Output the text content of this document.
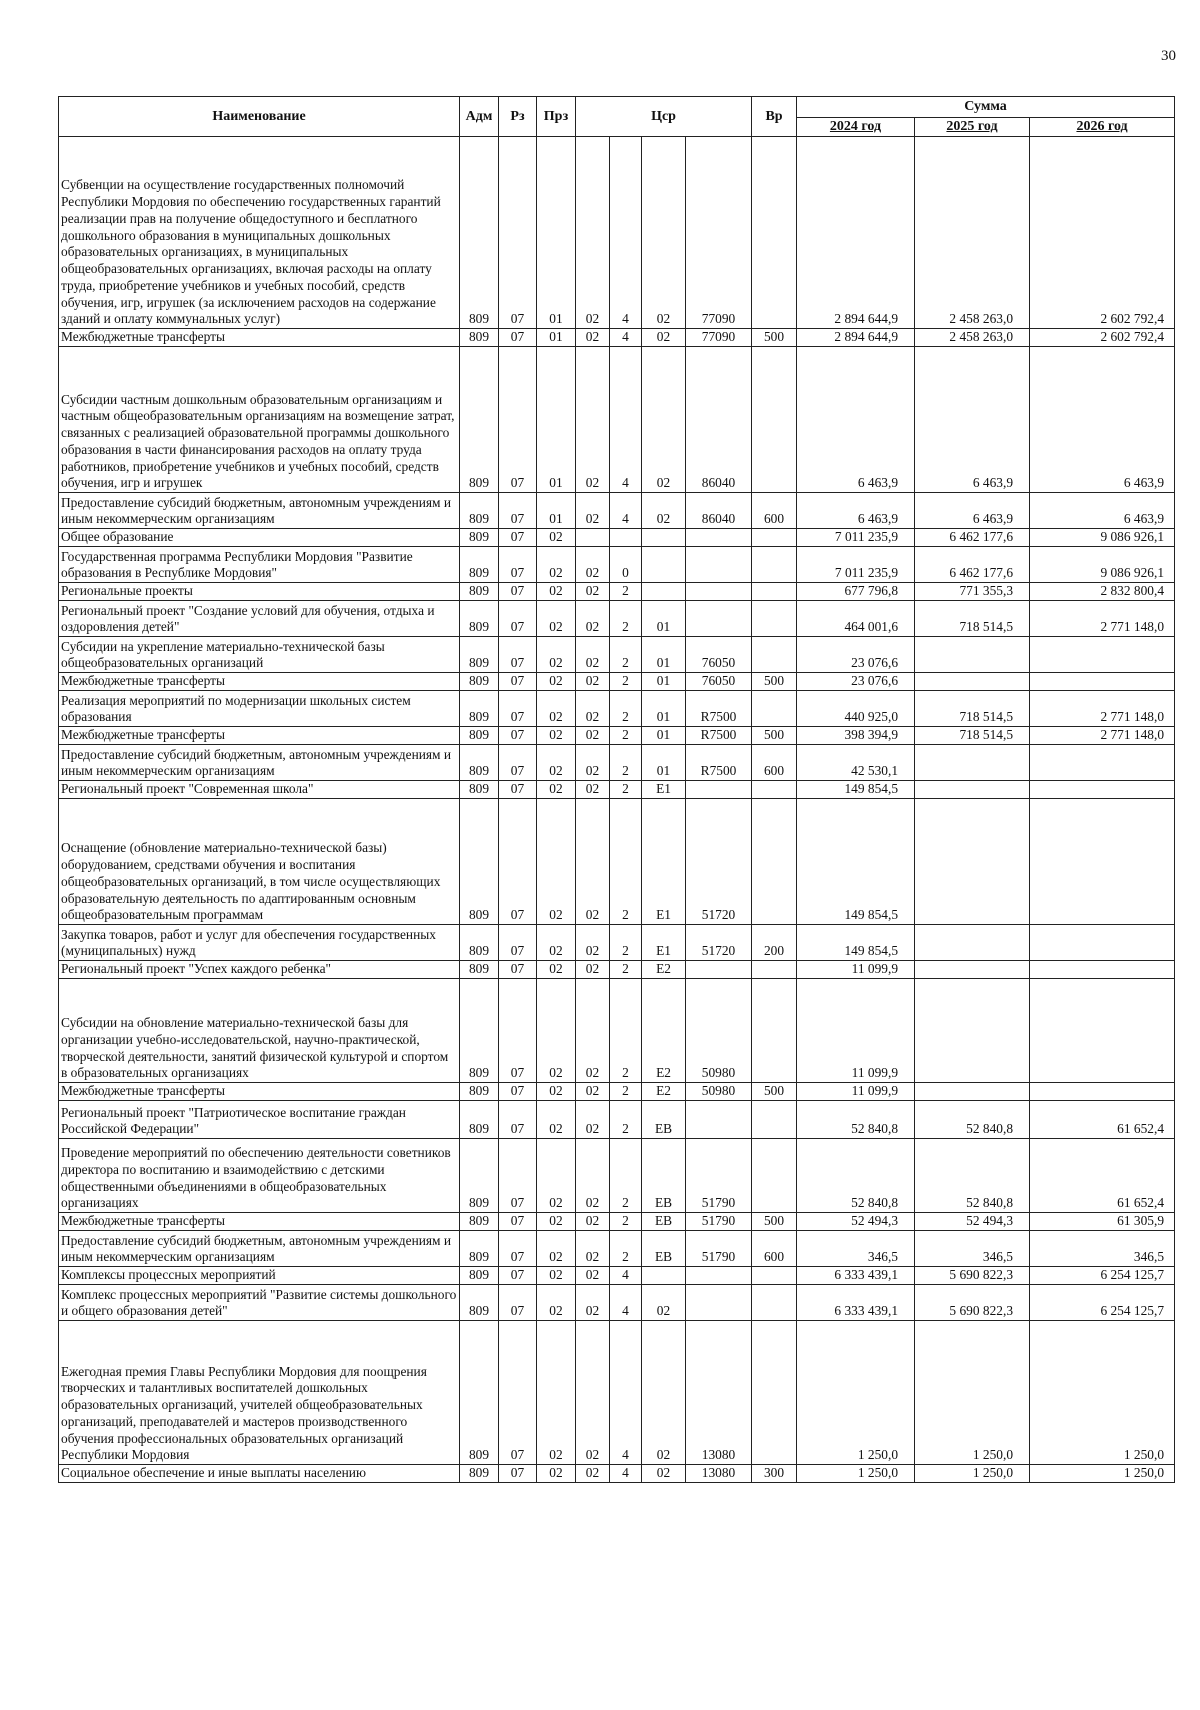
30
Наименование	Адм	Рз	Прз	Цср				Вр	Сумма		
									2024 год	2025 год	2026 год
Субвенции на осуществление государственных полномочий Республики Мордовия по обеспечению государственных гарантий реализации прав на получение общедоступного и бесплатного дошкольного образования в муниципальных дошкольных образовательных организациях, в муниципальных общеобразовательных организациях, включая расходы на оплату труда, приобретение учебников и учебных пособий, средств обучения, игр, игрушек (за исключением расходов на содержание зданий и оплату коммунальных услуг)	809	07	01	02	4	02	77090		2 894 644,9	2 458 263,0	2 602 792,4
Межбюджетные трансферты	809	07	01	02	4	02	77090	500	2 894 644,9	2 458 263,0	2 602 792,4
Субсидии частным дошкольным образовательным организациям и частным общеобразовательным организациям на возмещение затрат, связанных с реализацией образовательной программы дошкольного образования в части финансирования расходов на оплату труда работников, приобретение учебников и учебных пособий, средств обучения, игр и игрушек	809	07	01	02	4	02	86040		6 463,9	6 463,9	6 463,9
Предоставление субсидий бюджетным, автономным учреждениям и иным некоммерческим организациям	809	07	01	02	4	02	86040	600	6 463,9	6 463,9	6 463,9
Общее образование	809	07	02						7 011 235,9	6 462 177,6	9 086 926,1
Государственная программа Республики Мордовия "Развитие образования в Республике Мордовия"	809	07	02	02	0				7 011 235,9	6 462 177,6	9 086 926,1
Региональные проекты	809	07	02	02	2				677 796,8	771 355,3	2 832 800,4
Региональный проект "Создание условий для обучения, отдыха и оздоровления детей"	809	07	02	02	2	01			464 001,6	718 514,5	2 771 148,0
Субсидии на укрепление материально-технической базы общеобразовательных организаций	809	07	02	02	2	01	76050		23 076,6		
Межбюджетные трансферты	809	07	02	02	2	01	76050	500	23 076,6		
Реализация мероприятий по модернизации школьных систем образования	809	07	02	02	2	01	R7500		440 925,0	718 514,5	2 771 148,0
Межбюджетные трансферты	809	07	02	02	2	01	R7500	500	398 394,9	718 514,5	2 771 148,0
Предоставление субсидий бюджетным, автономным учреждениям и иным некоммерческим организациям	809	07	02	02	2	01	R7500	600	42 530,1		
Региональный проект "Современная школа"	809	07	02	02	2	E1			149 854,5		
Оснащение (обновление материально-технической базы) оборудованием, средствами обучения и воспитания общеобразовательных организаций, в том числе осуществляющих образовательную деятельность по адаптированным основным общеобразовательным программам	809	07	02	02	2	E1	51720		149 854,5		
Закупка товаров, работ и услуг для обеспечения государственных (муниципальных) нужд	809	07	02	02	2	E1	51720	200	149 854,5		
Региональный проект "Успех каждого ребенка"	809	07	02	02	2	E2			11 099,9		
Субсидии на обновление материально-технической базы для организации учебно-исследовательской, научно-практической, творческой деятельности, занятий физической культурой и спортом в образовательных организациях	809	07	02	02	2	E2	50980		11 099,9		
Межбюджетные трансферты	809	07	02	02	2	E2	50980	500	11 099,9		
Региональный проект "Патриотическое воспитание граждан Российской Федерации"	809	07	02	02	2	EB			52 840,8	52 840,8	61 652,4
Проведение мероприятий по обеспечению деятельности советников директора по воспитанию и взаимодействию с детскими общественными объединениями в общеобразовательных организациях	809	07	02	02	2	EB	51790		52 840,8	52 840,8	61 652,4
Межбюджетные трансферты	809	07	02	02	2	EB	51790	500	52 494,3	52 494,3	61 305,9
Предоставление субсидий бюджетным, автономным учреждениям и иным некоммерческим организациям	809	07	02	02	2	EB	51790	600	346,5	346,5	346,5
Комплексы процессных мероприятий	809	07	02	02	4				6 333 439,1	5 690 822,3	6 254 125,7
Комплекс процессных мероприятий "Развитие системы дошкольного и общего образования детей"	809	07	02	02	4	02			6 333 439,1	5 690 822,3	6 254 125,7
Ежегодная премия Главы Республики Мордовия для поощрения творческих и талантливых воспитателей дошкольных образовательных организаций, учителей общеобразовательных организаций, преподавателей и мастеров производственного обучения профессиональных образовательных организаций Республики Мордовия	809	07	02	02	4	02	13080		1 250,0	1 250,0	1 250,0
Социальное обеспечение и иные выплаты населению	809	07	02	02	4	02	13080	300	1 250,0	1 250,0	1 250,0
